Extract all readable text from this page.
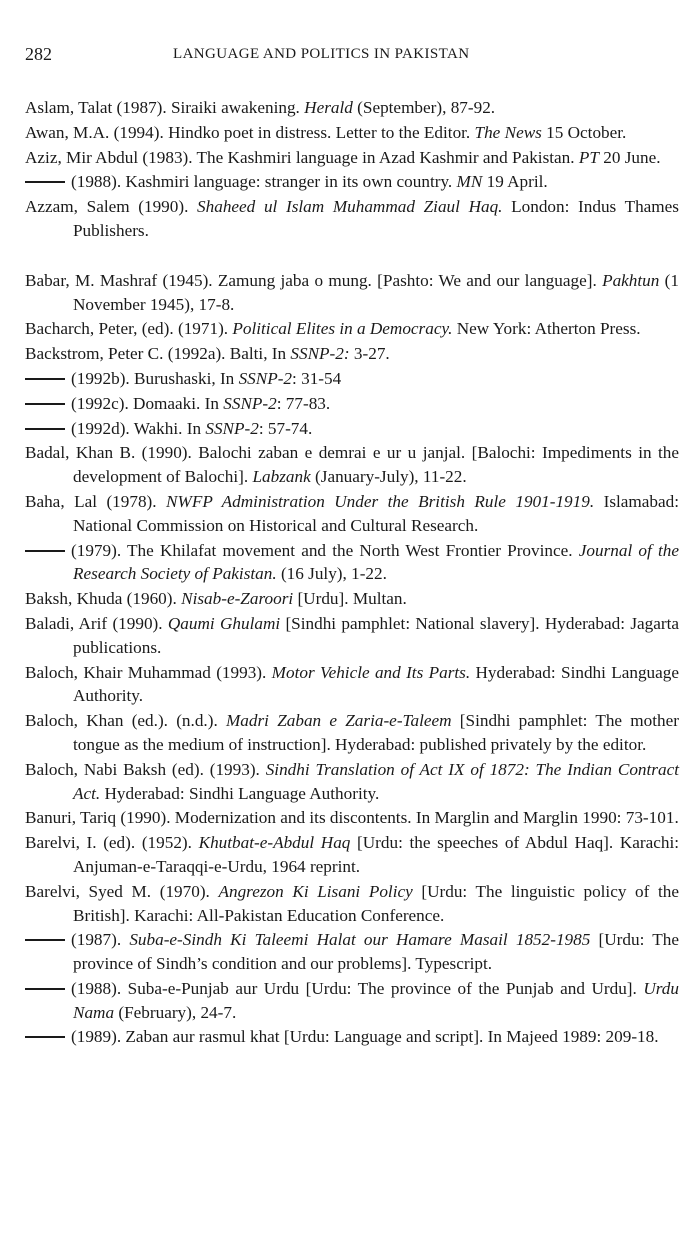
282	LANGUAGE AND POLITICS IN PAKISTAN
Aslam, Talat (1987). Siraiki awakening. Herald (September), 87-92.
Awan, M.A. (1994). Hindko poet in distress. Letter to the Editor. The News 15 October.
Aziz, Mir Abdul (1983). The Kashmiri language in Azad Kashmir and Pakistan. PT 20 June.
(1988). Kashmiri language: stranger in its own country. MN 19 April.
Azzam, Salem (1990). Shaheed ul Islam Muhammad Ziaul Haq. London: Indus Thames Publishers.
Babar, M. Mashraf (1945). Zamung jaba o mung. [Pashto: We and our language]. Pakhtun (1 November 1945), 17-8.
Bacharch, Peter, (ed). (1971). Political Elites in a Democracy. New York: Atherton Press.
Backstrom, Peter C. (1992a). Balti, In SSNP-2: 3-27.
(1992b). Burushaski, In SSNP-2: 31-54
(1992c). Domaaki. In SSNP-2: 77-83.
(1992d). Wakhi. In SSNP-2: 57-74.
Badal, Khan B. (1990). Balochi zaban e demrai e ur u janjal. [Balochi: Impediments in the development of Balochi]. Labzank (January-July), 11-22.
Baha, Lal (1978). NWFP Administration Under the British Rule 1901-1919. Islamabad: National Commission on Historical and Cultural Research.
(1979). The Khilafat movement and the North West Frontier Province. Journal of the Research Society of Pakistan. (16 July), 1-22.
Baksh, Khuda (1960). Nisab-e-Zaroori [Urdu]. Multan.
Baladi, Arif (1990). Qaumi Ghulami [Sindhi pamphlet: National slavery]. Hyderabad: Jagarta publications.
Baloch, Khair Muhammad (1993). Motor Vehicle and Its Parts. Hyderabad: Sindhi Language Authority.
Baloch, Khan (ed.). (n.d.). Madri Zaban e Zaria-e-Taleem [Sindhi pamphlet: The mother tongue as the medium of instruction]. Hyderabad: published privately by the editor.
Baloch, Nabi Baksh (ed). (1993). Sindhi Translation of Act IX of 1872: The Indian Contract Act. Hyderabad: Sindhi Language Authority.
Banuri, Tariq (1990). Modernization and its discontents. In Marglin and Marglin 1990: 73-101.
Barelvi, I. (ed). (1952). Khutbat-e-Abdul Haq [Urdu: the speeches of Abdul Haq]. Karachi: Anjuman-e-Taraqqi-e-Urdu, 1964 reprint.
Barelvi, Syed M. (1970). Angrezon Ki Lisani Policy [Urdu: The linguistic policy of the British]. Karachi: All-Pakistan Education Conference.
(1987). Suba-e-Sindh Ki Taleemi Halat our Hamare Masail 1852-1985 [Urdu: The province of Sindh’s condition and our problems]. Typescript.
(1988). Suba-e-Punjab aur Urdu [Urdu: The province of the Punjab and Urdu]. Urdu Nama (February), 24-7.
(1989). Zaban aur rasmul khat [Urdu: Language and script]. In Majeed 1989: 209-18.
